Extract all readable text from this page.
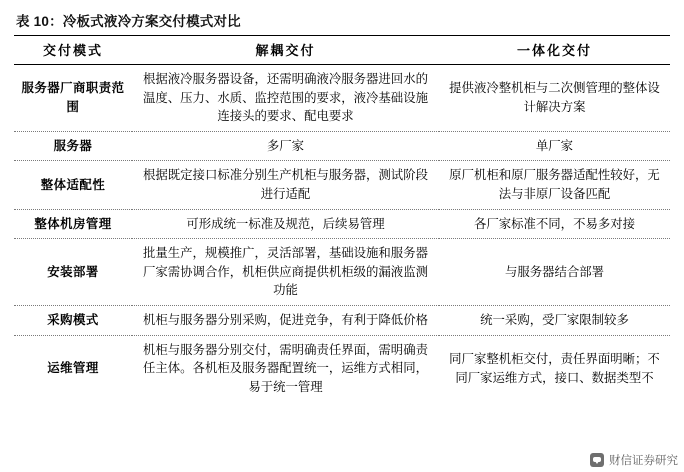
表 10：冷板式液冷方案交付模式对比
交付模式	解耦交付	一体化交付
服务器厂商职责范围	根据液冷服务器设备，还需明确液冷服务器进回水的温度、压力、水质、监控范围的要求，液冷基础设施连接头的要求、配电要求	提供液冷整机柜与二次侧管理的整体设计解决方案
服务器	多厂家	单厂家
整体适配性	根据既定接口标准分别生产机柜与服务器，测试阶段进行适配	原厂机柜和原厂服务器适配性较好，无法与非原厂设备匹配
整体机房管理	可形成统一标准及规范，后续易管理	各厂家标准不同，不易多对接
安装部署	批量生产，规模推广，灵活部署，基础设施和服务器厂家需协调合作，机柜供应商提供机柜级的漏液监测功能	与服务器结合部署
采购模式	机柜与服务器分别采购，促进竞争，有利于降低价格	统一采购，受厂家限制较多
运维管理	机柜与服务器分别交付，需明确责任界面，需明确责任主体。各机柜及服务器配置统一，运维方式相同，易于统一管理	同厂家整机柜交付，责任界面明晰；不同厂家运维方式，接口、数据类型不
财信证券研究
